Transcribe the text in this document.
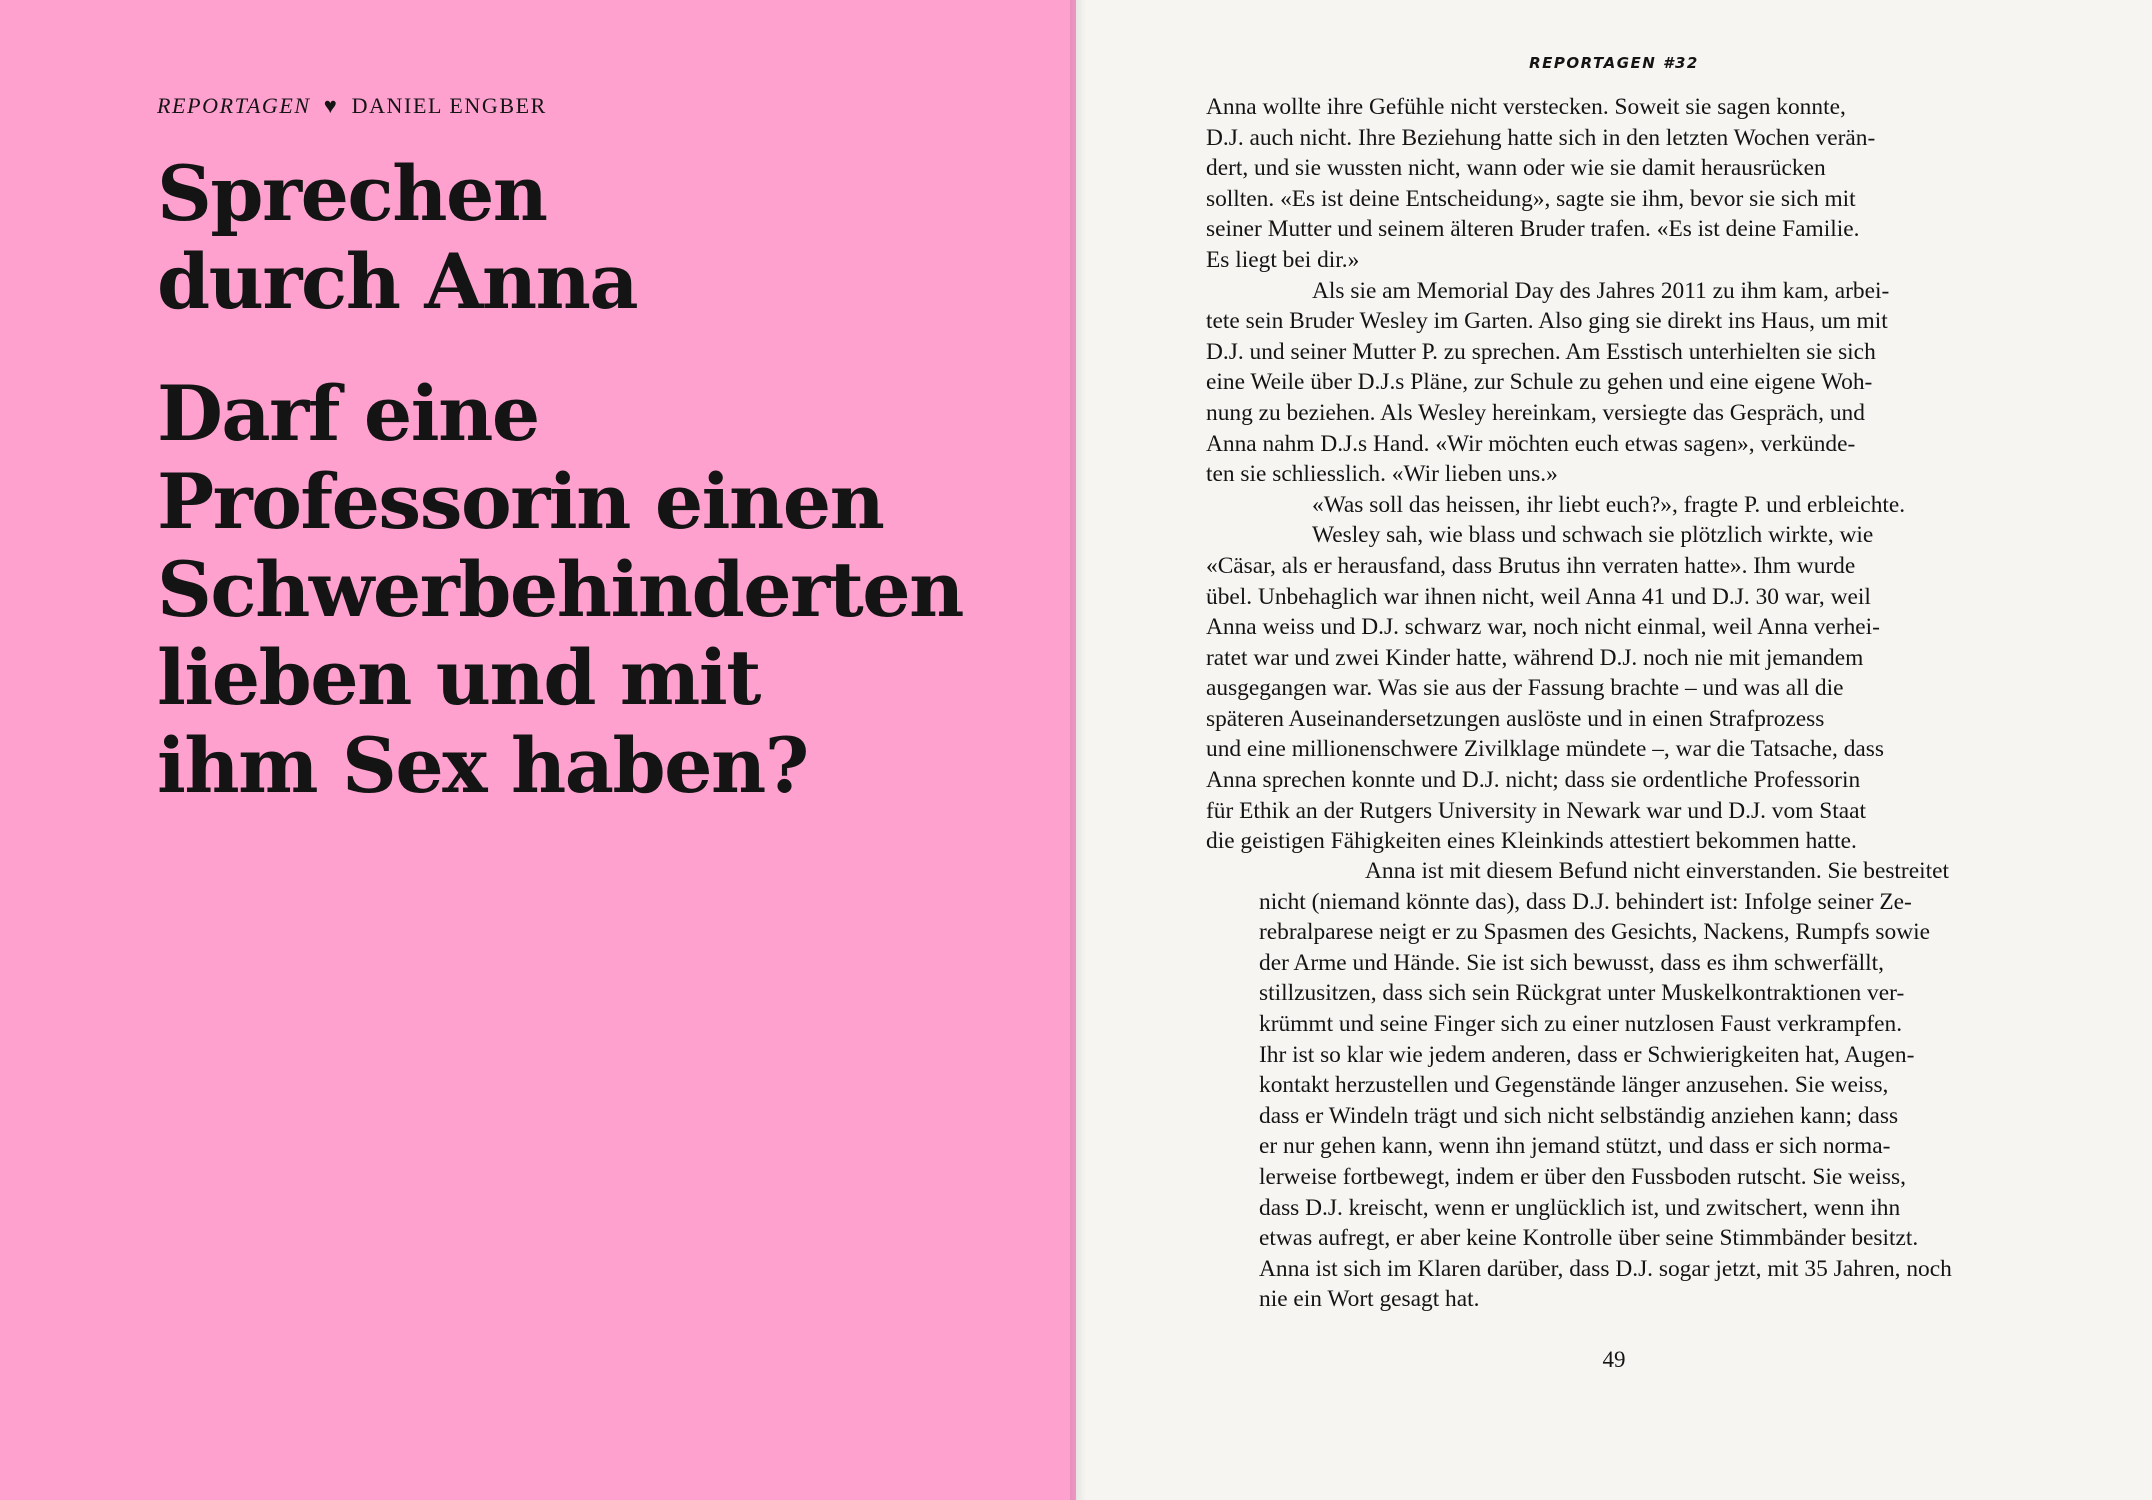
REPORTAGEN ♥ DANIEL ENGBER
Sprechen
durch Anna
Darf eine
Professorin einen
Schwerbehinderten
lieben und mit
ihm Sex haben?
REPORTAGEN #32
Anna wollte ihre Gefühle nicht verstecken. Soweit sie sagen konnte,
D.J. auch nicht. Ihre Beziehung hatte sich in den letzten Wochen verän-
dert, und sie wussten nicht, wann oder wie sie damit herausrücken
sollten. «Es ist deine Entscheidung», sagte sie ihm, bevor sie sich mit
seiner Mutter und seinem älteren Bruder trafen. «Es ist deine Familie.
Es liegt bei dir.»
Als sie am Memorial Day des Jahres 2011 zu ihm kam, arbei-
tete sein Bruder Wesley im Garten. Also ging sie direkt ins Haus, um mit
D.J. und seiner Mutter P. zu sprechen. Am Esstisch unterhielten sie sich
eine Weile über D.J.s Pläne, zur Schule zu gehen und eine eigene Woh-
nung zu beziehen. Als Wesley hereinkam, versiegte das Gespräch, und
Anna nahm D.J.s Hand. «Wir möchten euch etwas sagen», verkünde-
ten sie schliesslich. «Wir lieben uns.»
«Was soll das heissen, ihr liebt euch?», fragte P. und erbleichte.
Wesley sah, wie blass und schwach sie plötzlich wirkte, wie
«Cäsar, als er herausfand, dass Brutus ihn verraten hatte». Ihm wurde
übel. Unbehaglich war ihnen nicht, weil Anna 41 und D.J. 30 war, weil
Anna weiss und D.J. schwarz war, noch nicht einmal, weil Anna verhei-
ratet war und zwei Kinder hatte, während D.J. noch nie mit jemandem
ausgegangen war. Was sie aus der Fassung brachte – und was all die
späteren Auseinandersetzungen auslöste und in einen Strafprozess
und eine millionenschwere Zivilklage mündete –, war die Tatsache, dass
Anna sprechen konnte und D.J. nicht; dass sie ordentliche Professorin
für Ethik an der Rutgers University in Newark war und D.J. vom Staat
die geistigen Fähigkeiten eines Kleinkinds attestiert bekommen hatte.
Anna ist mit diesem Befund nicht einverstanden. Sie bestreitet
nicht (niemand könnte das), dass D.J. behindert ist: Infolge seiner Ze-
rebralparese neigt er zu Spasmen des Gesichts, Nackens, Rumpfs sowie
der Arme und Hände. Sie ist sich bewusst, dass es ihm schwerfällt,
stillzusitzen, dass sich sein Rückgrat unter Muskelkontraktionen ver-
krümmt und seine Finger sich zu einer nutzlosen Faust verkrampfen.
Ihr ist so klar wie jedem anderen, dass er Schwierigkeiten hat, Augen-
kontakt herzustellen und Gegenstände länger anzusehen. Sie weiss,
dass er Windeln trägt und sich nicht selbständig anziehen kann; dass
er nur gehen kann, wenn ihn jemand stützt, und dass er sich norma-
lerweise fortbewegt, indem er über den Fussboden rutscht. Sie weiss,
dass D.J. kreischt, wenn er unglücklich ist, und zwitschert, wenn ihn
etwas aufregt, er aber keine Kontrolle über seine Stimmbänder besitzt.
Anna ist sich im Klaren darüber, dass D.J. sogar jetzt, mit 35 Jahren, noch
nie ein Wort gesagt hat.
49
